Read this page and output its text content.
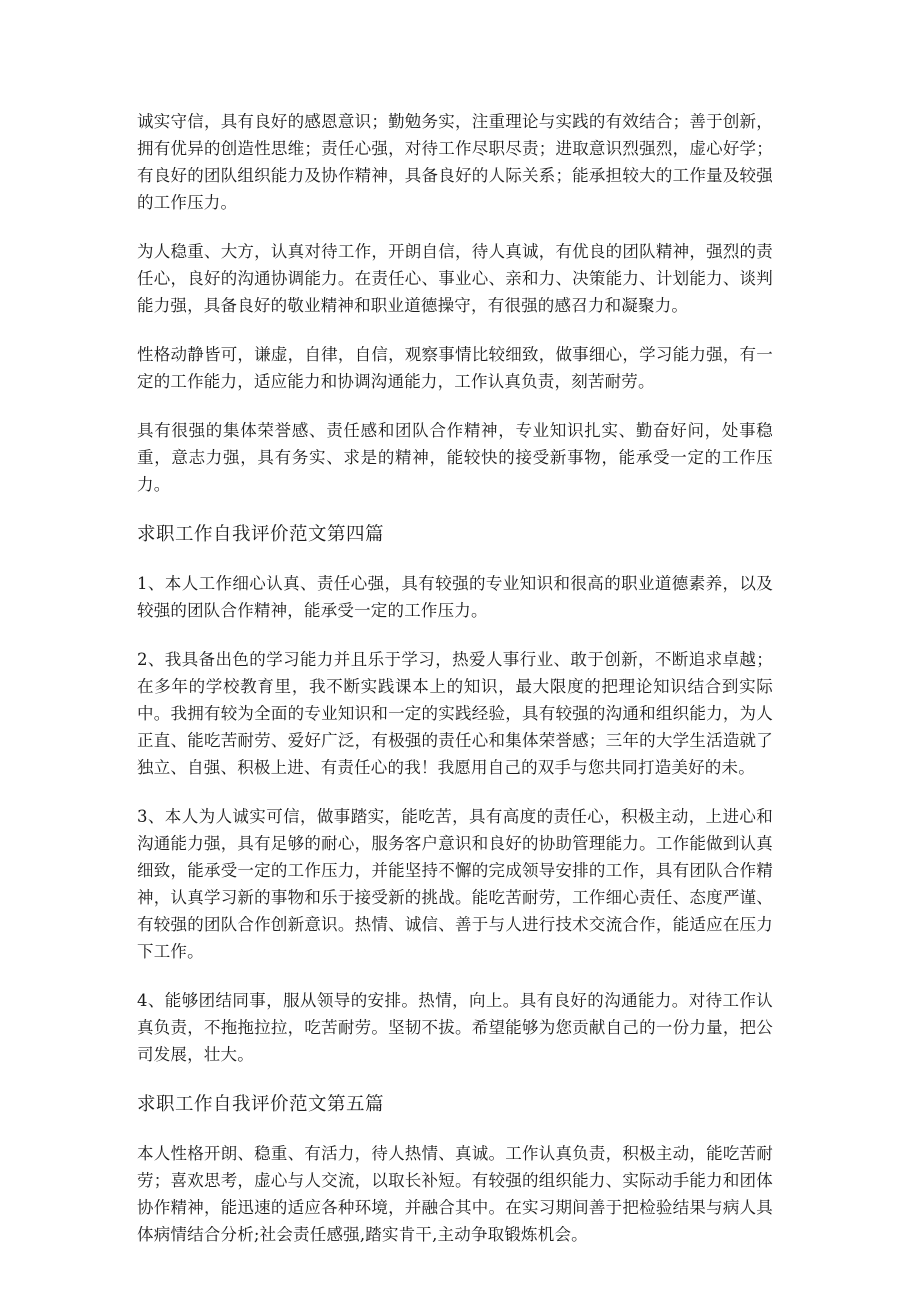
诚实守信，具有良好的感恩意识；勤勉务实，注重理论与实践的有效结合；善于创新，拥有优异的创造性思维；责任心强，对待工作尽职尽责；进取意识烈强烈，虚心好学；有良好的团队组织能力及协作精神，具备良好的人际关系；能承担较大的工作量及较强的工作压力。

为人稳重、大方，认真对待工作，开朗自信，待人真诚，有优良的团队精神，强烈的责任心，良好的沟通协调能力。在责任心、事业心、亲和力、决策能力、计划能力、谈判能力强，具备良好的敬业精神和职业道德操守，有很强的感召力和凝聚力。

性格动静皆可，谦虚，自律，自信，观察事情比较细致，做事细心，学习能力强，有一定的工作能力，适应能力和协调沟通能力，工作认真负责，刻苦耐劳。

具有很强的集体荣誉感、责任感和团队合作精神，专业知识扎实、勤奋好问，处事稳重，意志力强，具有务实、求是的精神，能较快的接受新事物，能承受一定的工作压力。

求职工作自我评价范文第四篇

1、本人工作细心认真、责任心强，具有较强的专业知识和很高的职业道德素养，以及较强的团队合作精神，能承受一定的工作压力。

2、我具备出色的学习能力并且乐于学习，热爱人事行业、敢于创新，不断追求卓越；在多年的学校教育里，我不断实践课本上的知识，最大限度的把理论知识结合到实际中。我拥有较为全面的专业知识和一定的实践经验，具有较强的沟通和组织能力，为人正直、能吃苦耐劳、爱好广泛，有极强的责任心和集体荣誉感；三年的大学生活造就了独立、自强、积极上进、有责任心的我！我愿用自己的双手与您共同打造美好的未。

3、本人为人诚实可信，做事踏实，能吃苦，具有高度的责任心，积极主动，上进心和沟通能力强，具有足够的耐心，服务客户意识和良好的协助管理能力。工作能做到认真细致，能承受一定的工作压力，并能坚持不懈的完成领导安排的工作，具有团队合作精神，认真学习新的事物和乐于接受新的挑战。能吃苦耐劳，工作细心责任、态度严谨、有较强的团队合作创新意识。热情、诚信、善于与人进行技术交流合作，能适应在压力下工作。

4、能够团结同事，服从领导的安排。热情，向上。具有良好的沟通能力。对待工作认真负责，不拖拖拉拉，吃苦耐劳。坚韧不拔。希望能够为您贡献自己的一份力量，把公司发展，壮大。

求职工作自我评价范文第五篇

本人性格开朗、稳重、有活力，待人热情、真诚。工作认真负责，积极主动，能吃苦耐劳；喜欢思考，虚心与人交流，以取长补短。有较强的组织能力、实际动手能力和团体协作精神，能迅速的适应各种环境，并融合其中。在实习期间善于把检验结果与病人具体病情结合分析;社会责任感强,踏实肯干,主动争取锻炼机会。
